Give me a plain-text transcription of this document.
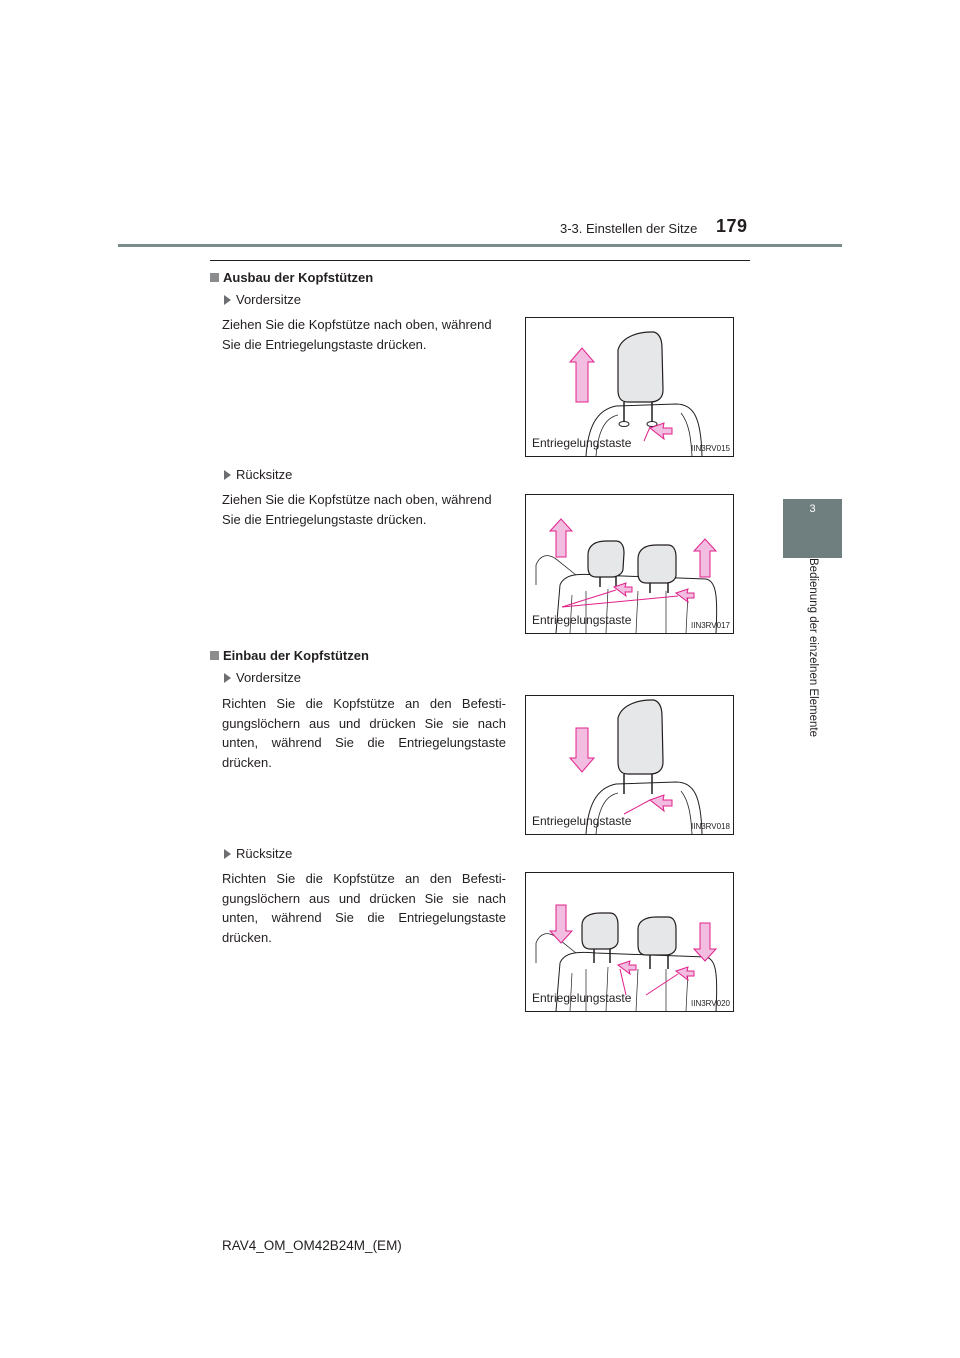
3-3. Einstellen der Sitze 179
3
Bedienung der einzelnen Elemente
Ausbau der Kopfstützen
Vordersitze
Ziehen Sie die Kopfstütze nach oben, während Sie die Entriegelungstaste drücken.
Entriegelungstaste	IIN3RV015
Rücksitze
Ziehen Sie die Kopfstütze nach oben, während Sie die Entriegelungstaste drücken.
Entriegelungstaste	IIN3RV017
Einbau der Kopfstützen
Vordersitze
Richten Sie die Kopfstütze an den Befesti-gungslöchern aus und drücken Sie sie nach unten, während Sie die Entriegelungstaste drücken.
Entriegelungstaste	IIN3RV018
Rücksitze
Richten Sie die Kopfstütze an den Befesti-gungslöchern aus und drücken Sie sie nach unten, während Sie die Entriegelungstaste drücken.
Entriegelungstaste	IIN3RV020
RAV4_OM_OM42B24M_(EM)
